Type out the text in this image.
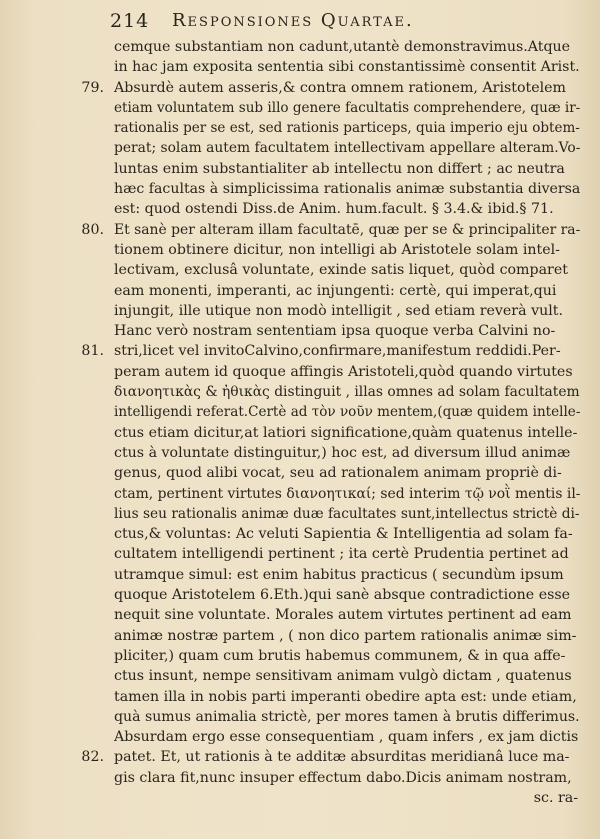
214 Responsiones Quartae.
cemque substantiam non cadunt,utantè demonstravimus.Atque
in hac jam exposita sententia sibi constantissimè consentit Arist.
79. Absurdè autem asseris,& contra omnem rationem, Aristotelem
etiam voluntatem sub illo genere facultatis comprehendere, quæ ir-
rationalis per se est, sed rationis particeps, quia imperio eju obtem-
perat; solam autem facultatem intellectivam appellare alteram.Vo-
luntas enim substantialiter ab intellectu non differt ; ac neutra
hæc facultas à simplicissima rationalis animæ substantia diversa
est: quod ostendi Diss.de Anim. hum.facult. § 3.4.& ibid.§ 71.
80. Et sanè per alteram illam facultatē, quæ per se & principaliter ra-
tionem obtinere dicitur, non intelligi ab Aristotele solam intel-
lectivam, exclusâ voluntate, exinde satis liquet, quòd comparet
eam monenti, imperanti, ac injungenti: certè, qui imperat,qui
injungit, ille utique non modò intelligit , sed etiam reverà vult.
Hanc verò nostram sententiam ipsa quoque verba Calvini no-
81. stri,licet vel invitoCalvino,confirmare,manifestum reddidi.Per-
peram autem id quoque affingis Aristoteli,quòd quando virtutes
διανοητικὰς & ἠθικὰς distinguit , illas omnes ad solam facultatem
intelligendi referat.Certè ad τὸν νοῦν mentem,(quæ quidem intelle-
ctus etiam dicitur,at latiori significatione,quàm quatenus intelle-
ctus à voluntate distinguitur,) hoc est, ad diversum illud animæ
genus, quod alibi vocat, seu ad rationalem animam propriè di-
ctam, pertinent virtutes διανοητικαί; sed interim τῷ νοῒ mentis il-
lius seu rationalis animæ duæ facultates sunt,intellectus strictè di-
ctus,& voluntas: Ac veluti Sapientia & Intelligentia ad solam fa-
cultatem intelligendi pertinent ; ita certè Prudentia pertinet ad
utramque simul: est enim habitus practicus ( secundùm ipsum
quoque Aristotelem 6.Eth.)qui sanè absque contradictione esse
nequit sine voluntate. Morales autem virtutes pertinent ad eam
animæ nostræ partem , ( non dico partem rationalis animæ sim-
pliciter,) quam cum brutis habemus communem, & in qua affe-
ctus insunt, nempe sensitivam animam vulgò dictam , quatenus
tamen illa in nobis parti imperanti obedire apta est: unde etiam,
quà sumus animalia strictè, per mores tamen à brutis differimus.
Absurdam ergo esse consequentiam , quam infers , ex jam dictis
82. patet. Et, ut rationis à te additæ absurditas meridianâ luce ma-
gis clara fit,nunc insuper effectum dabo.Dicis animam nostram,
sc. ra-
